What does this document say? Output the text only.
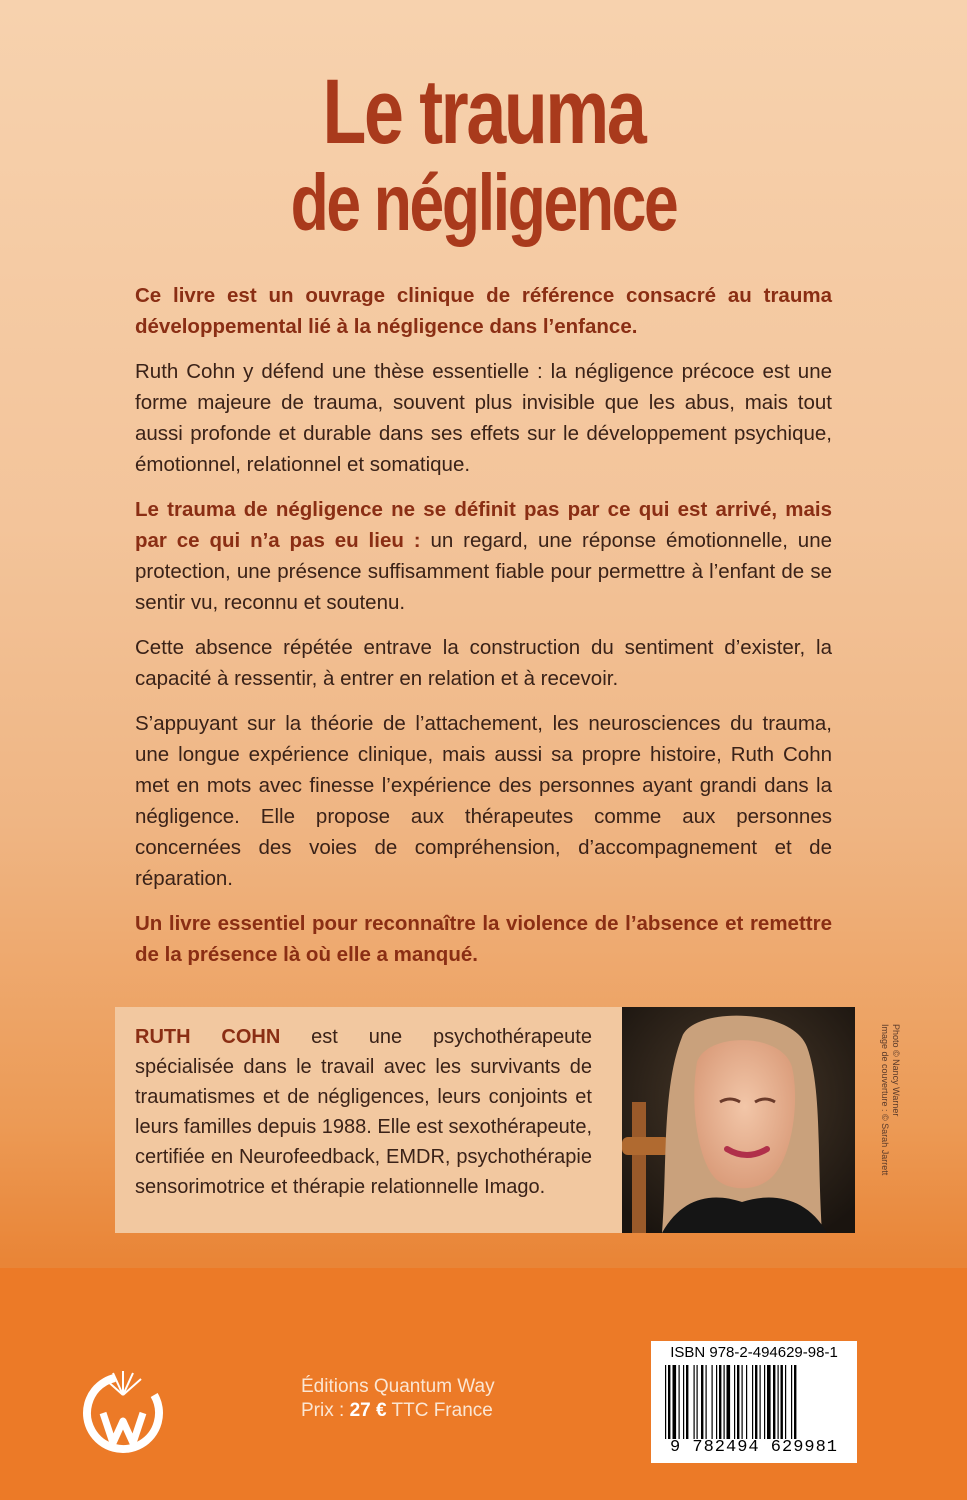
Le trauma
de négligence

Ce livre est un ouvrage clinique de référence consacré au trauma développemental lié à la négligence dans l’enfance.

Ruth Cohn y défend une thèse essentielle : la négligence précoce est une forme majeure de trauma, souvent plus invisible que les abus, mais tout aussi profonde et durable dans ses effets sur le développement psychique, émotionnel, relationnel et somatique.

Le trauma de négligence ne se définit pas par ce qui est arrivé, mais par ce qui n’a pas eu lieu : un regard, une réponse émotionnelle, une protection, une présence suffisamment fiable pour permettre à l’enfant de se sentir vu, reconnu et soutenu.

Cette absence répétée entrave la construction du sentiment d’exister, la capacité à ressentir, à entrer en relation et à recevoir.

S’appuyant sur la théorie de l’attachement, les neurosciences du trauma, une longue expérience clinique, mais aussi sa propre histoire, Ruth Cohn met en mots avec finesse l’expérience des personnes ayant grandi dans la négligence. Elle propose aux thérapeutes comme aux personnes concernées des voies de compréhension, d’accompagnement et de réparation.

Un livre essentiel pour reconnaître la violence de l’absence et remettre de la présence là où elle a manqué.

RUTH COHN est une psychothérapeute spécialisée dans le travail avec les survivants de traumatismes et de négligences, leurs conjoints et leurs familles depuis 1988. Elle est sexothérapeute, certifiée en Neurofeedback, EMDR, psychothérapie sensorimotrice et thérapie relationnelle Imago.
Image de couverture : © Sarah Jarrett Photo © Nancy Warner
Éditions Quantum Way
Prix : 27 € TTC France
ISBN 978-2-494629-98-1
9 782494 629981
